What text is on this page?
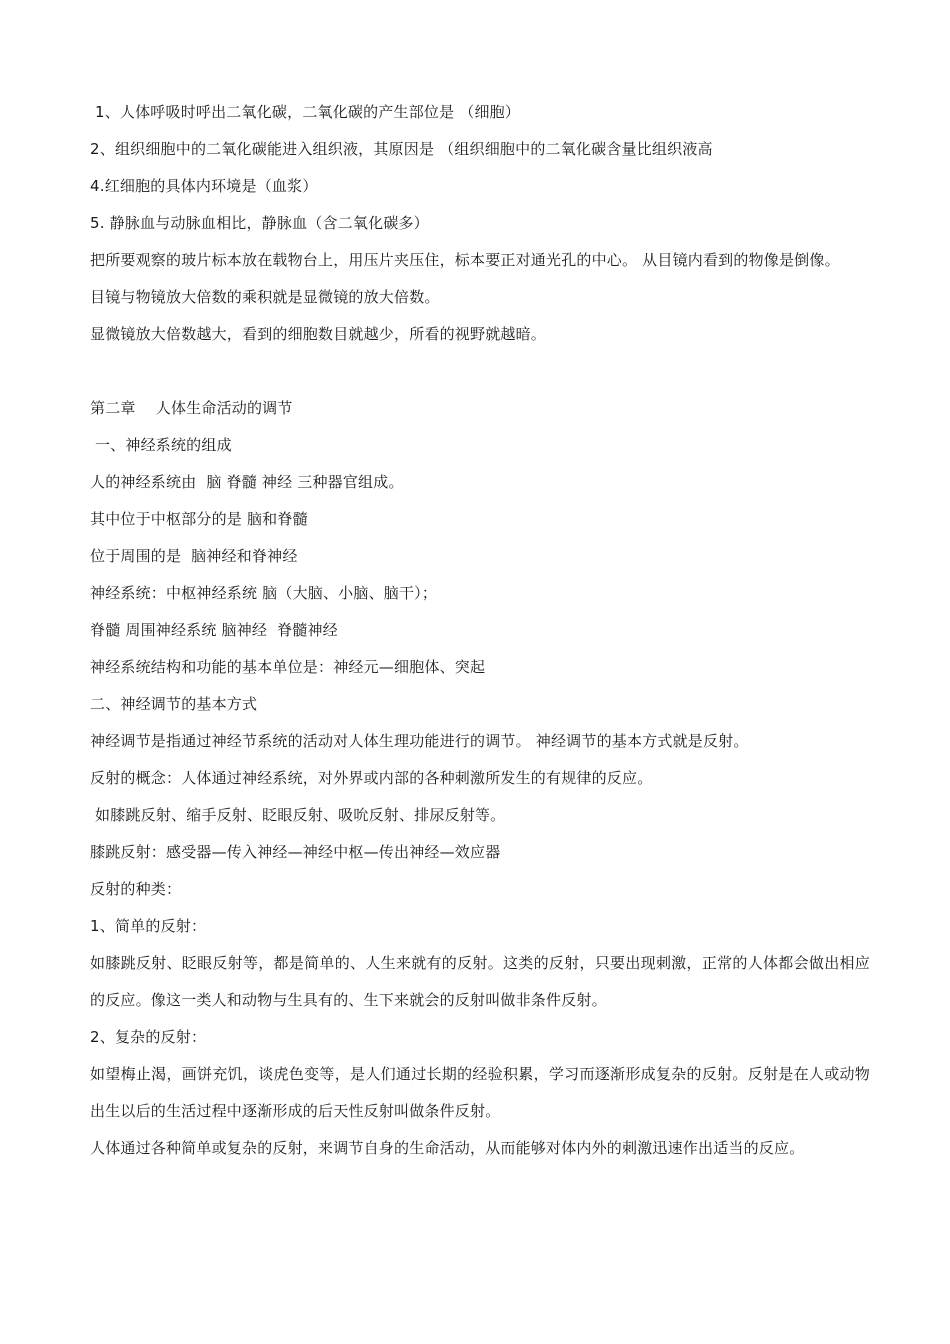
1、人体呼吸时呼出二氧化碳，二氧化碳的产生部位是 （细胞）
2、组织细胞中的二氧化碳能进入组织液，其原因是 （组织细胞中的二氧化碳含量比组织液高
4.红细胞的具体内环境是（血浆）
5. 静脉血与动脉血相比，静脉血（含二氧化碳多）
把所要观察的玻片标本放在载物台上，用压片夹压住，标本要正对通光孔的中心。 从目镜内看到的物像是倒像。
目镜与物镜放大倍数的乘积就是显微镜的放大倍数。
显微镜放大倍数越大，看到的细胞数目就越少，所看的视野就越暗。
第二章　 人体生命活动的调节
一、神经系统的组成
人的神经系统由  脑 脊髓 神经 三种器官组成。
其中位于中枢部分的是 脑和脊髓
位于周围的是  脑神经和脊神经
神经系统：中枢神经系统 脑（大脑、小脑、脑干）；
脊髓 周围神经系统 脑神经  脊髓神经
神经系统结构和功能的基本单位是：神经元—细胞体、突起
二、神经调节的基本方式
神经调节是指通过神经节系统的活动对人体生理功能进行的调节。 神经调节的基本方式就是反射。
反射的概念：人体通过神经系统，对外界或内部的各种刺激所发生的有规律的反应。
如膝跳反射、缩手反射、眨眼反射、吸吮反射、排尿反射等。
膝跳反射：感受器—传入神经—神经中枢—传出神经—效应器
反射的种类：
1、简单的反射：
如膝跳反射、眨眼反射等，都是简单的、人生来就有的反射。这类的反射，只要出现刺激，正常的人体都会做出相应的反应。像这一类人和动物与生具有的、生下来就会的反射叫做非条件反射。
2、复杂的反射：
如望梅止渴，画饼充饥，谈虎色变等，是人们通过长期的经验积累，学习而逐渐形成复杂的反射。反射是在人或动物出生以后的生活过程中逐渐形成的后天性反射叫做条件反射。
人体通过各种简单或复杂的反射，来调节自身的生命活动，从而能够对体内外的刺激迅速作出适当的反应。
